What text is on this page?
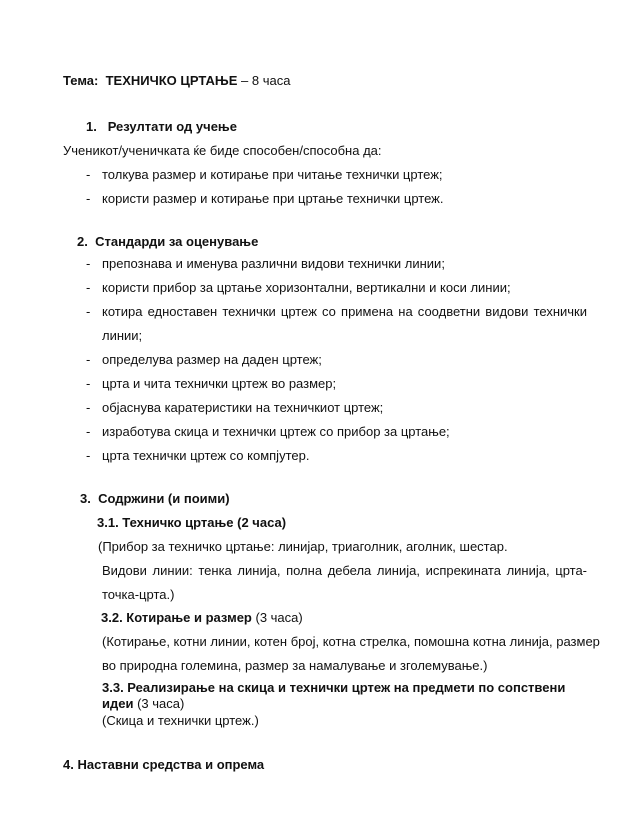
Тема: ТЕХНИЧКО ЦРТАЊЕ – 8 часа
1. Резултати од учење
Ученикот/ученичката ќе биде способен/способна да:
- толкува размер и котирање при читање технички цртеж;
- користи размер и котирање при цртање технички цртеж.
2. Стандарди за оценување
- препознава и именува различни видови технички линии;
- користи прибор за цртање хоризонтални, вертикални и коси линии;
- котира едноставен технички цртеж со примена на соодветни видови технички
линии;
- определува размер на даден цртеж;
- црта и чита технички цртеж во размер;
- објаснува каратеристики на техничкиот цртеж;
- изработува скица и технички цртеж со прибор за цртање;
- црта технички цртеж со компјутер.
3. Содржини (и поими)
3.1. Техничко цртање (2 часа)
(Прибор за техничко цртање: линијар, триаголник, аголник, шестар.
Видови линии: тенка линија, полна дебела линија, испрекината линија, црта-
точка-црта.)
3.2. Котирање и размер (3 часа)
(Котирање, котни линии, котен број, котна стрелка, помошна котна линија, размер
во природна големина, размер за намалување и зголемување.)
3.3. Реализирање на скица и технички цртеж на предмети по сопствени
идеи (3 часа)
(Скица и технички цртеж.)
4. Наставни средства и опрема
